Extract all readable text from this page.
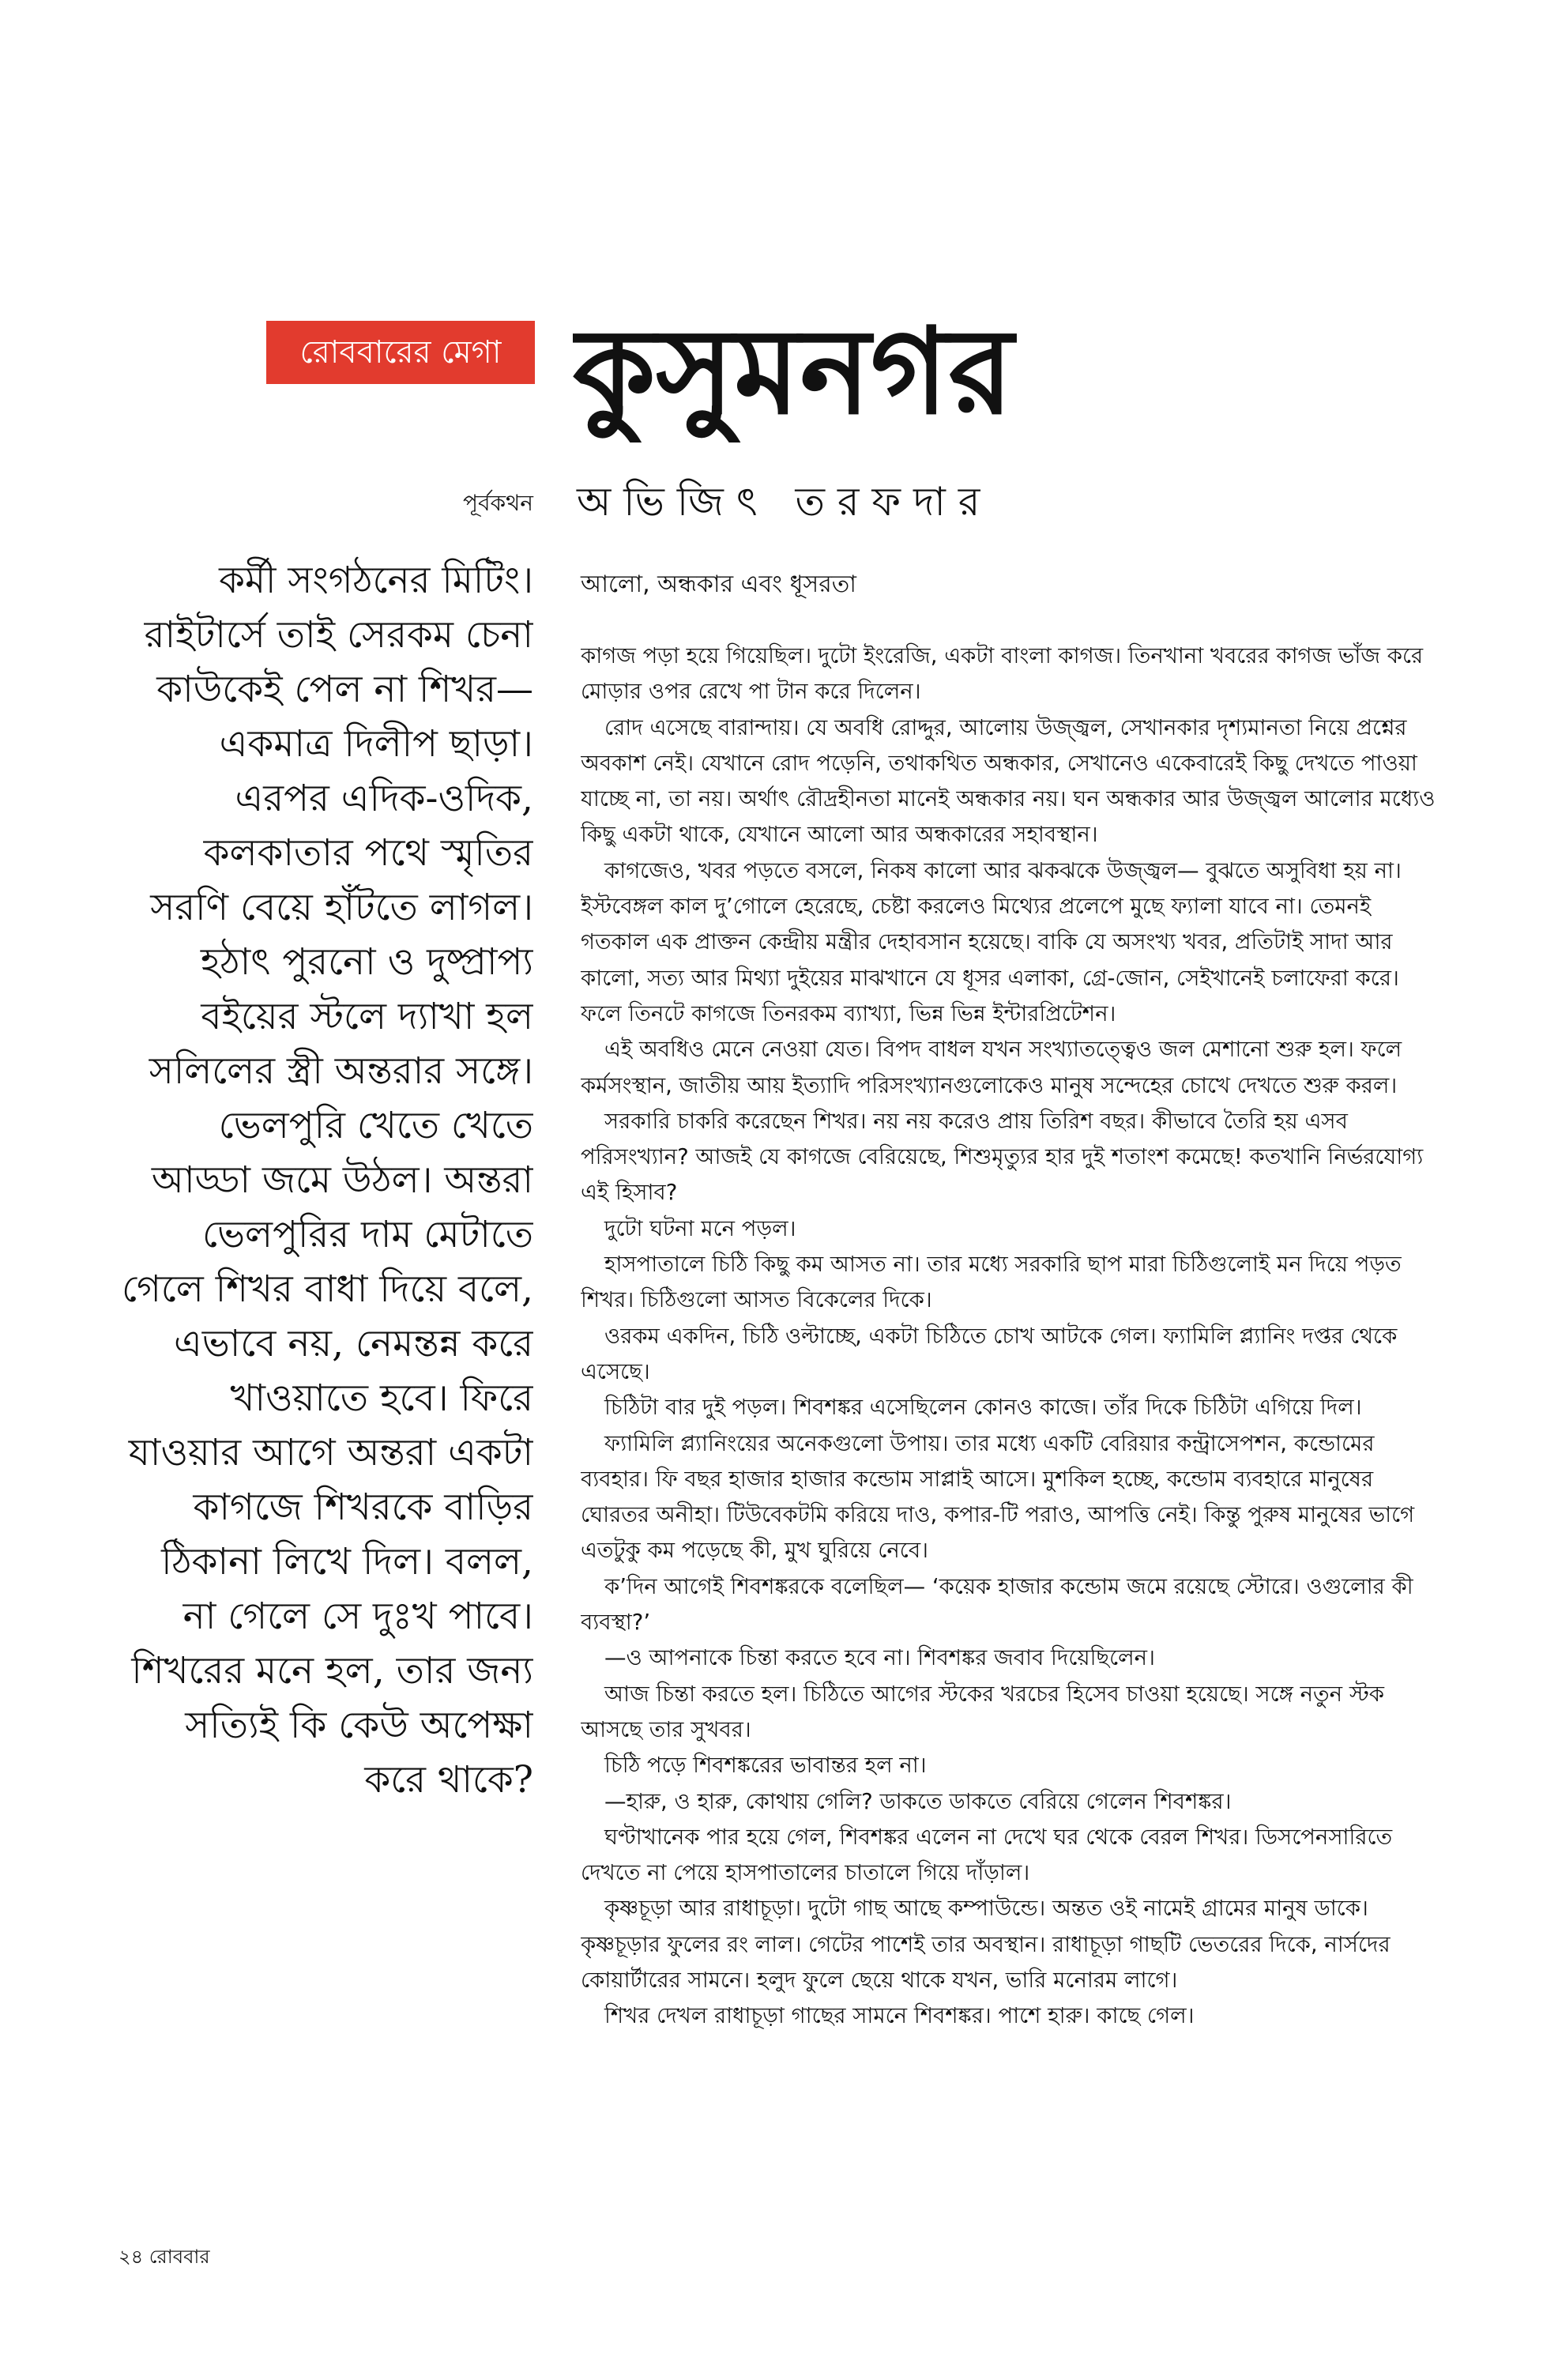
রোববারের মেগা কুসুমনগর
পূর্বকথন অভিজিৎ তরফদার

কর্মী সংগঠনের মিটিং। রাইটার্সে তাই সেরকম চেনা কাউকেই পেল না শিখর— একমাত্র দিলীপ ছাড়া। এরপর এদিক-ওদিক, কলকাতার পথে স্মৃতির সরণি বেয়ে হাঁটতে লাগল। হঠাৎ পুরনো ও দুষ্প্রাপ্য বইয়ের স্টলে দ্যাখা হল সলিলের স্ত্রী অন্তরার সঙ্গে। ভেলপুরি খেতে খেতে আড্ডা জমে উঠল। অন্তরা ভেলপুরির দাম মেটাতে গেলে শিখর বাধা দিয়ে বলে, এভাবে নয়, নেমন্তন্ন করে খাওয়াতে হবে। ফিরে যাওয়ার আগে অন্তরা একটা কাগজে শিখরকে বাড়ির ঠিকানা লিখে দিল। বলল, না গেলে সে দুঃখ পাবে। শিখরের মনে হল, তার জন্য সত্যিই কি কেউ অপেক্ষা করে থাকে?

আলো, অন্ধকার এবং ধূসরতা

কাগজ পড়া হয়ে গিয়েছিল। দুটো ইংরেজি, একটা বাংলা কাগজ। তিনখানা খবরের কাগজ ভাঁজ করে মোড়ার ওপর রেখে পা টান করে দিলেন।

রোদ এসেছে বারান্দায়। যে অবধি রোদ্দুর, আলোয় উজ্জ্বল, সেখানকার দৃশ্যমানতা নিয়ে প্রশ্নের অবকাশ নেই। যেখানে রোদ পড়েনি, তথাকথিত অন্ধকার, সেখানেও একেবারেই কিছু দেখতে পাওয়া যাচ্ছে না, তা নয়। অর্থাৎ রৌদ্রহীনতা মানেই অন্ধকার নয়। ঘন অন্ধকার আর উজ্জ্বল আলোর মধ্যেও কিছু একটা থাকে, যেখানে আলো আর অন্ধকারের সহাবস্থান।

কাগজেও, খবর পড়তে বসলে, নিকষ কালো আর ঝকঝকে উজ্জ্বল— বুঝতে অসুবিধা হয় না। ইস্টবেঙ্গল কাল দু’গোলে হেরেছে, চেষ্টা করলেও মিথ্যের প্রলেপে মুছে ফ্যালা যাবে না। তেমনই গতকাল এক প্রাক্তন কেন্দ্রীয় মন্ত্রীর দেহাবসান হয়েছে। বাকি যে অসংখ্য খবর, প্রতিটাই সাদা আর কালো, সত্য আর মিথ্যা দুইয়ের মাঝখানে যে ধূসর এলাকা, গ্রে-জোন, সেইখানেই চলাফেরা করে। ফলে তিনটে কাগজে তিনরকম ব্যাখ্যা, ভিন্ন ভিন্ন ইন্টারপ্রিটেশন।

এই অবধিও মেনে নেওয়া যেত। বিপদ বাধল যখন সংখ্যাতত্ত্বেও জল মেশানো শুরু হল। ফলে কর্মসংস্থান, জাতীয় আয় ইত্যাদি পরিসংখ্যানগুলোকেও মানুষ সন্দেহের চোখে দেখতে শুরু করল।

সরকারি চাকরি করেছেন শিখর। নয় নয় করেও প্রায় তিরিশ বছর। কীভাবে তৈরি হয় এসব পরিসংখ্যান? আজই যে কাগজে বেরিয়েছে, শিশুমৃত্যুর হার দুই শতাংশ কমেছে! কতখানি নির্ভরযোগ্য এই হিসাব?

দুটো ঘটনা মনে পড়ল।

হাসপাতালে চিঠি কিছু কম আসত না। তার মধ্যে সরকারি ছাপ মারা চিঠিগুলোই মন দিয়ে পড়ত শিখর। চিঠিগুলো আসত বিকেলের দিকে।

ওরকম একদিন, চিঠি ওল্টাচ্ছে, একটা চিঠিতে চোখ আটকে গেল। ফ্যামিলি প্ল্যানিং দপ্তর থেকে এসেছে।

চিঠিটা বার দুই পড়ল। শিবশঙ্কর এসেছিলেন কোনও কাজে। তাঁর দিকে চিঠিটা এগিয়ে দিল।

ফ্যামিলি প্ল্যানিংয়ের অনেকগুলো উপায়। তার মধ্যে একটি বেরিয়ার কন্ট্রাসেপশন, কন্ডোমের ব্যবহার। ফি বছর হাজার হাজার কন্ডোম সাপ্লাই আসে। মুশকিল হচ্ছে, কন্ডোম ব্যবহারে মানুষের ঘোরতর অনীহা। টিউবেকটমি করিয়ে দাও, কপার-টি পরাও, আপত্তি নেই। কিন্তু পুরুষ মানুষের ভাগে এতটুকু কম পড়েছে কী, মুখ ঘুরিয়ে নেবে।

ক’দিন আগেই শিবশঙ্করকে বলেছিল— ‘কয়েক হাজার কন্ডোম জমে রয়েছে স্টোরে। ওগুলোর কী ব্যবস্থা?’

—ও আপনাকে চিন্তা করতে হবে না। শিবশঙ্কর জবাব দিয়েছিলেন।

আজ চিন্তা করতে হল। চিঠিতে আগের স্টকের খরচের হিসেব চাওয়া হয়েছে। সঙ্গে নতুন স্টক আসছে তার সুখবর।

চিঠি পড়ে শিবশঙ্করের ভাবান্তর হল না।

—হারু, ও হারু, কোথায় গেলি? ডাকতে ডাকতে বেরিয়ে গেলেন শিবশঙ্কর।

ঘণ্টাখানেক পার হয়ে গেল, শিবশঙ্কর এলেন না দেখে ঘর থেকে বেরল শিখর। ডিসপেনসারিতে দেখতে না পেয়ে হাসপাতালের চাতালে গিয়ে দাঁড়াল।

কৃষ্ণচূড়া আর রাধাচূড়া। দুটো গাছ আছে কম্পাউন্ডে। অন্তত ওই নামেই গ্রামের মানুষ ডাকে। কৃষ্ণচূড়ার ফুলের রং লাল। গেটের পাশেই তার অবস্থান। রাধাচূড়া গাছটি ভেতরের দিকে, নার্সদের কোয়ার্টারের সামনে। হলুদ ফুলে ছেয়ে থাকে যখন, ভারি মনোরম লাগে।

শিখর দেখল রাধাচূড়া গাছের সামনে শিবশঙ্কর। পাশে হারু। কাছে গেল।

২৪ রোববার
